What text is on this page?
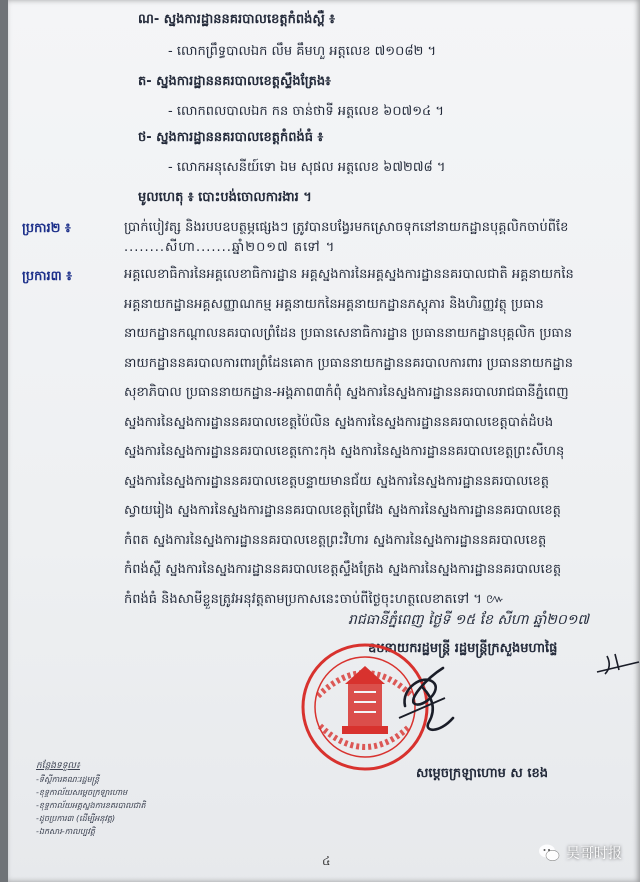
ណ- ស្នងការដ្ឋាននគរបាលខេត្តកំពង់ស្ពឺ ៖
- លោកព្រឹទ្ធបាលឯក លឹម គឹមហួ អត្តលេខ ៧១០៨២ ។
ត- ស្នងការដ្ឋាននគរបាលខេត្តស្ទឹងត្រែង៖
- លោកពលបាលឯក កន ចាន់ថាទី អត្តលេខ ៦០៧១៤ ។
ថ- ស្នងការដ្ឋាននគរបាលខេត្តកំពង់ធំ ៖
- លោកអនុសេនីយ៍ទោ ឯម សុផល អត្តលេខ ៦៧២៧៨ ។
មូលហេតុ ៖ បោះបង់ចោលការងារ ។
ប្រការ២ ៖	ប្រាក់បៀវត្ស និងរបបឧបត្ថម្ភផ្សេងៗ ត្រូវបានបង្វែរមកស្រោចទុកនៅនាយកដ្ឋានបុគ្គលិកចាប់ពីខែ
........សីហា.......ឆ្នាំ២០១៧ តទៅ ។
ប្រការ៣ ៖	អគ្គលេខាធិការនៃអគ្គលេខាធិការដ្ឋាន អគ្គស្នងការនៃអគ្គស្នងការដ្ឋាននគរបាលជាតិ អគ្គនាយកនៃ
អគ្គនាយកដ្ឋានអគ្គសញ្ញាណកម្ម អគ្គនាយកនៃអគ្គនាយកដ្ឋានភស្តុភារ និងហិរញ្ញវត្ថុ ប្រធាន
នាយកដ្ឋានកណ្តាលនគរបាលព្រំដែន ប្រធានសេនាធិការដ្ឋាន ប្រធាននាយកដ្ឋានបុគ្គលិក ប្រធាន
នាយកដ្ឋាននគរបាលការពារព្រំដែនគោក ប្រធាននាយកដ្ឋាននគរបាលការពារ ប្រធាននាយកដ្ឋាន
សុខាភិបាល ប្រធាននាយកដ្ឋាន-អង្គភាព៣កំពុំ ស្នងការនៃស្នងការដ្ឋាននគរបាលរាជធានីភ្នំពេញ
ស្នងការនៃស្នងការដ្ឋាននគរបាលខេត្តប៉ៃលិន ស្នងការនៃស្នងការដ្ឋាននគរបាលខេត្តបាត់ដំបង
ស្នងការនៃស្នងការដ្ឋាននគរបាលខេត្តកោះកុង ស្នងការនៃស្នងការដ្ឋាននគរបាលខេត្តព្រះសីហនុ
ស្នងការនៃស្នងការដ្ឋាននគរបាលខេត្តបន្ទាយមានជ័យ ស្នងការនៃស្នងការដ្ឋាននគរបាលខេត្ត
ស្វាយរៀង ស្នងការនៃស្នងការដ្ឋាននគរបាលខេត្តព្រៃវែង ស្នងការនៃស្នងការដ្ឋាននគរបាលខេត្ត
កំពត ស្នងការនៃស្នងការដ្ឋាននគរបាលខេត្តព្រះវិហារ ស្នងការនៃស្នងការដ្ឋាននគរបាលខេត្ត
កំពង់ស្ពឺ ស្នងការនៃស្នងការដ្ឋាននគរបាលខេត្តស្ទឹងត្រែង ស្នងការនៃស្នងការដ្ឋាននគរបាលខេត្ត
កំពង់ធំ និងសាមីខ្លួនត្រូវអនុវត្តតាមប្រកាសនេះចាប់ពីថ្ងៃចុះហត្ថលេខាតទៅ ។ ៚
រាជធានីភ្នំពេញ ថ្ងៃទី ១៥ ខែ សីហា ឆ្នាំ២០១៧
ឧបនាយករដ្ឋមន្ត្រី រដ្ឋមន្ត្រីក្រសួងមហាផ្ទៃ
សម្តេចក្រឡាហោម ស ខេង
កន្លែងទទួល៖
-ទីស្តីការគណៈរដ្ឋមន្ត្រី
-ខុទ្ទកាល័យសម្តេចក្រឡាហោម
-ខុទ្ទកាល័យអគ្គស្នងការនគរបាលជាតិ
-ដូចប្រការ៣ (ដើម្បីអនុវត្ត)
-ឯកសារ-កាលប្បវត្តិ
៤	吴哥时报
